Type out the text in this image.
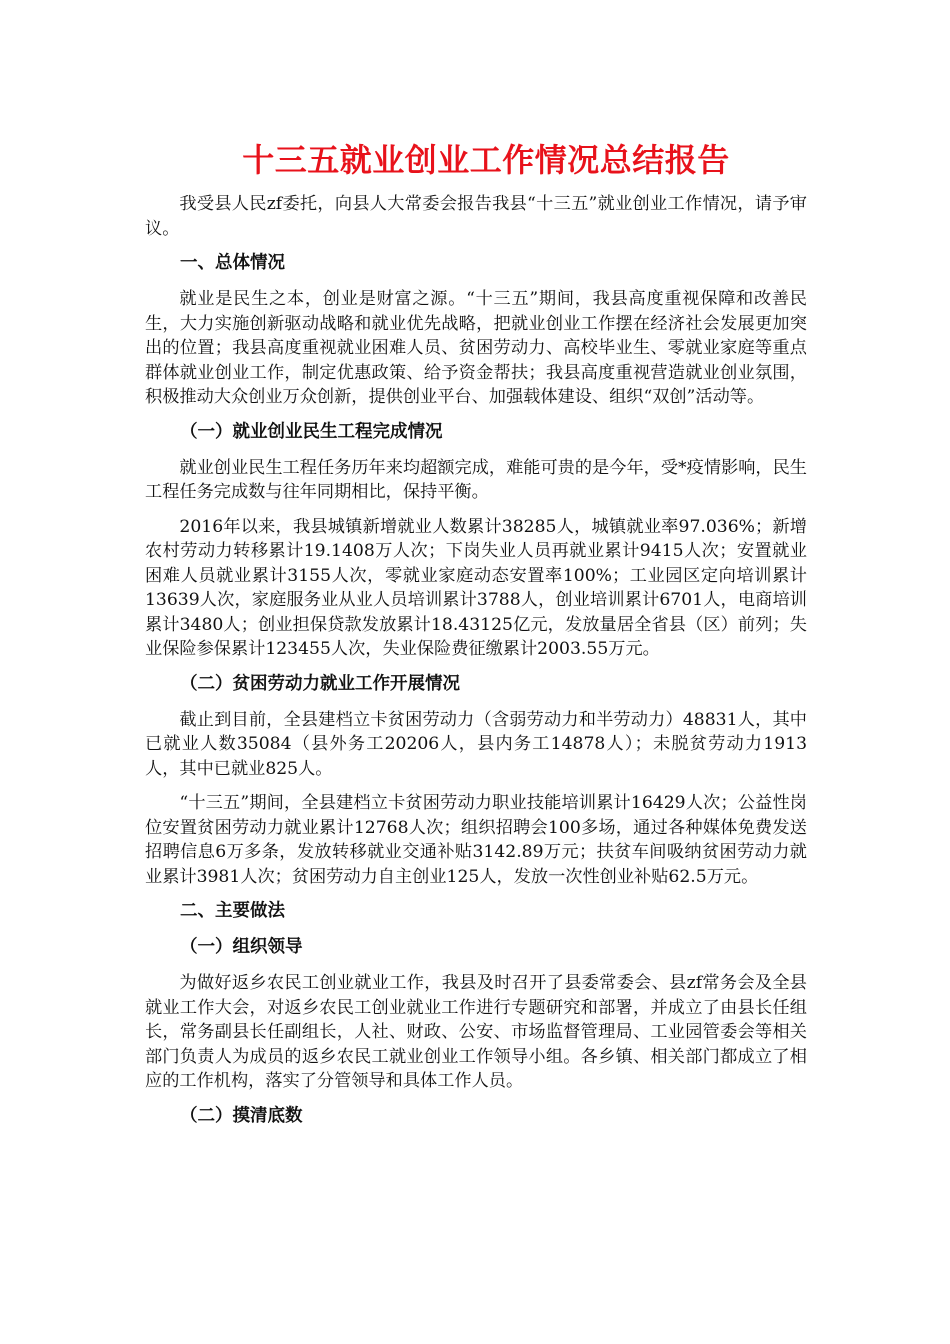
十三五就业创业工作情况总结报告

我受县人民zf委托，向县人大常委会报告我县“十三五”就业创业工作情况，请予审议。

一、总体情况

就业是民生之本，创业是财富之源。“十三五”期间，我县高度重视保障和改善民生，大力实施创新驱动战略和就业优先战略，把就业创业工作摆在经济社会发展更加突出的位置；我县高度重视就业困难人员、贫困劳动力、高校毕业生、零就业家庭等重点群体就业创业工作，制定优惠政策、给予资金帮扶；我县高度重视营造就业创业氛围，积极推动大众创业万众创新，提供创业平台、加强载体建设、组织“双创”活动等。

（一）就业创业民生工程完成情况

就业创业民生工程任务历年来均超额完成，难能可贵的是今年，受*疫情影响，民生工程任务完成数与往年同期相比，保持平衡。

2016年以来，我县城镇新增就业人数累计38285人，城镇就业率97.036%；新增农村劳动力转移累计19.1408万人次；下岗失业人员再就业累计9415人次；安置就业困难人员就业累计3155人次，零就业家庭动态安置率100%；工业园区定向培训累计13639人次，家庭服务业从业人员培训累计3788人，创业培训累计6701人，电商培训累计3480人；创业担保贷款发放累计18.43125亿元，发放量居全省县（区）前列；失业保险参保累计123455人次，失业保险费征缴累计2003.55万元。

（二）贫困劳动力就业工作开展情况

截止到目前，全县建档立卡贫困劳动力（含弱劳动力和半劳动力）48831人，其中已就业人数35084（县外务工20206人，县内务工14878人）；未脱贫劳动力1913人，其中已就业825人。

“十三五”期间，全县建档立卡贫困劳动力职业技能培训累计16429人次；公益性岗位安置贫困劳动力就业累计12768人次；组织招聘会100多场，通过各种媒体免费发送招聘信息6万多条，发放转移就业交通补贴3142.89万元；扶贫车间吸纳贫困劳动力就业累计3981人次；贫困劳动力自主创业125人，发放一次性创业补贴62.5万元。

二、主要做法
（一）组织领导

为做好返乡农民工创业就业工作，我县及时召开了县委常委会、县zf常务会及全县就业工作大会，对返乡农民工创业就业工作进行专题研究和部署，并成立了由县长任组长，常务副县长任副组长，人社、财政、公安、市场监督管理局、工业园管委会等相关部门负责人为成员的返乡农民工就业创业工作领导小组。各乡镇、相关部门都成立了相应的工作机构，落实了分管领导和具体工作人员。

（二）摸清底数
